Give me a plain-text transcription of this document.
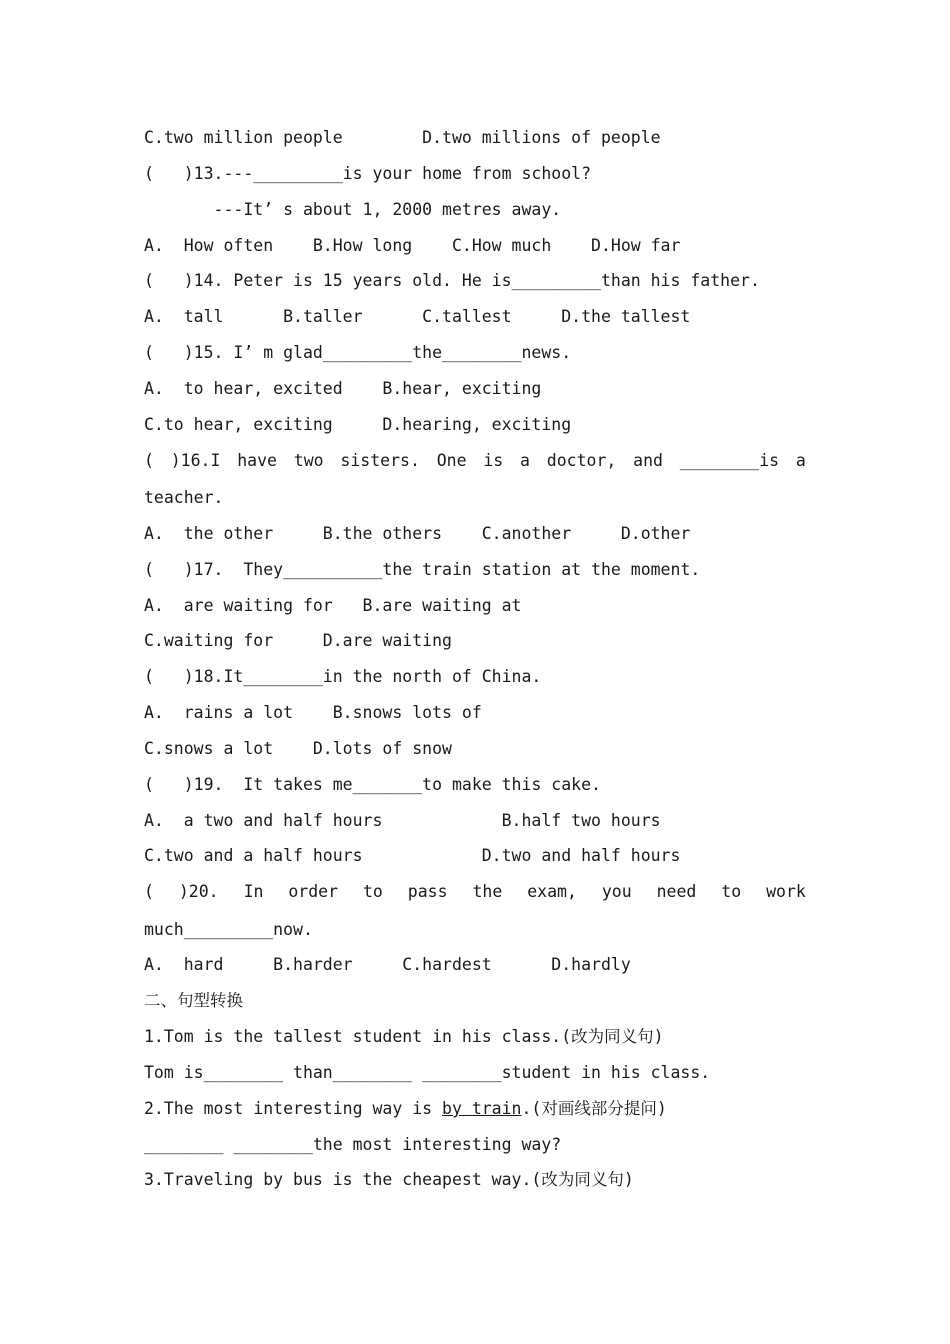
C.two million people        D.two millions of people
(   )13.---_________is your home from school?
---It’ s about 1, 2000 metres away.
A.  How often    B.How long    C.How much    D.How far
(   )14. Peter is 15 years old. He is_________than his father.
A.  tall      B.taller      C.tallest     D.the tallest
(   )15. I’ m glad_________the________news.
A.  to hear, excited    B.hear, exciting
C.to hear, exciting     D.hearing, exciting
( )16.I have two sisters. One is a doctor, and ________is a
teacher.
A.  the other     B.the others    C.another     D.other
(   )17.  They__________the train station at the moment.
A.  are waiting for   B.are waiting at
C.waiting for     D.are waiting
(   )18.It________in the north of China.
A.  rains a lot    B.snows lots of
C.snows a lot    D.lots of snow
(   )19.  It takes me_______to make this cake.
A.  a two and half hours            B.half two hours
C.two and a half hours            D.two and half hours
( )20. In order to pass the exam, you need to work
much_________now.
A.  hard     B.harder     C.hardest      D.hardly
二、句型转换
1.Tom is the tallest student in his class.(改为同义句)
Tom is________ than________ ________student in his class.
2.The most interesting way is by train.(对画线部分提问)
________ ________the most interesting way?
3.Traveling by bus is the cheapest way.(改为同义句)
